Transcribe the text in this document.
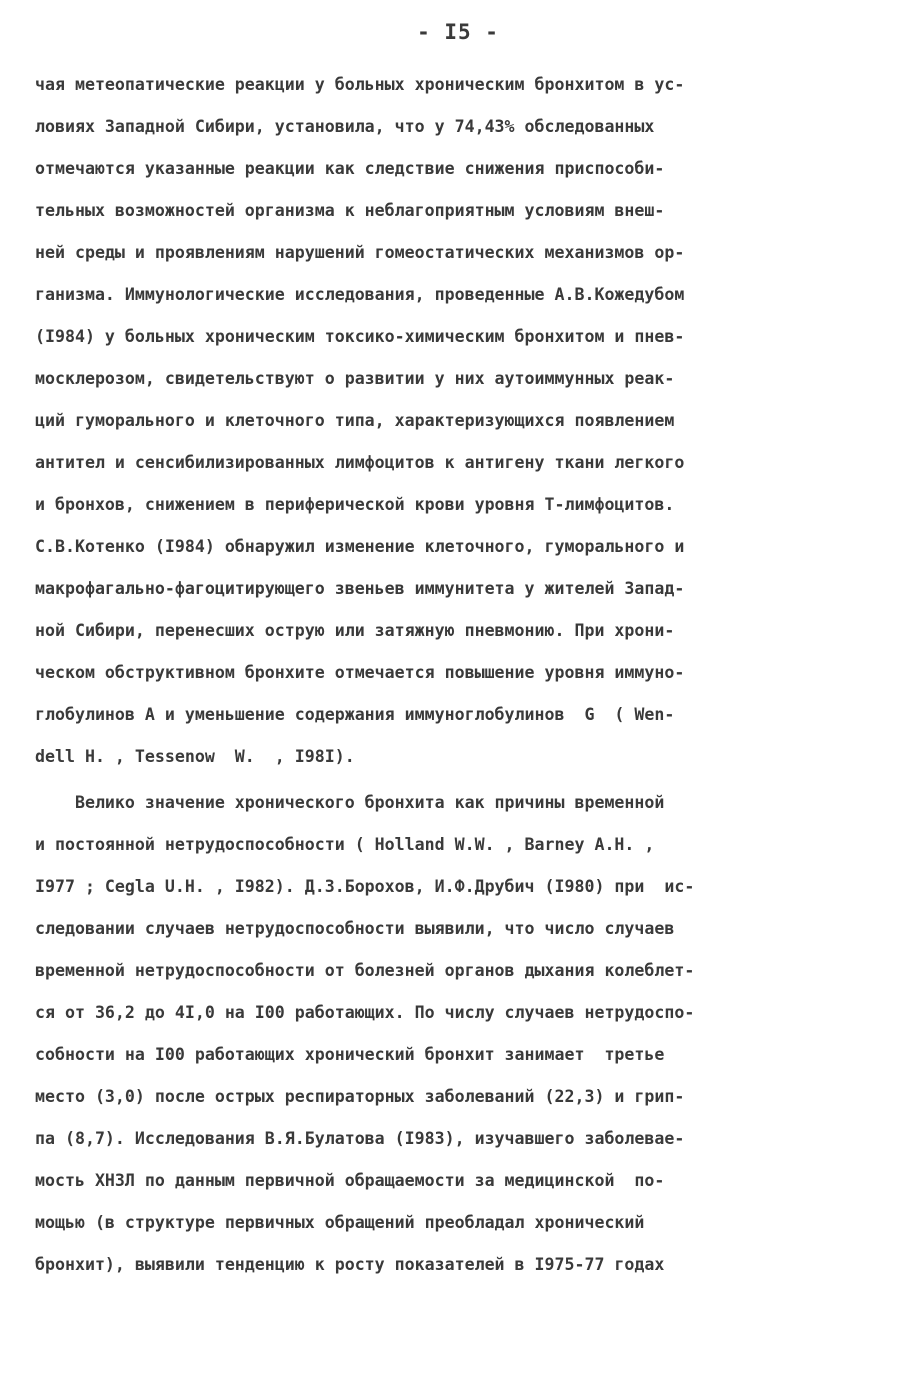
- I5 -
чая метеопатические реакции у больных хроническим бронхитом в ус-
ловиях Западной Сибири, установила, что у 74,43% обследованных
отмечаются указанные реакции как следствие снижения приспособи-
тельных возможностей организма к неблагоприятным условиям внеш-
ней среды и проявлениям нарушений гомеостатических механизмов ор-
ганизма. Иммунологические исследования, проведенные А.В.Кожедубом
(I984) у больных хроническим токсико-химическим бронхитом и пнев-
москлерозом, свидетельствуют о развитии у них аутоиммунных реак-
ций гуморального и клеточного типа, характеризующихся появлением
антител и сенсибилизированных лимфоцитов к антигену ткани легкого
и бронхов, снижением в периферической крови уровня Т-лимфоцитов.
С.В.Котенко (I984) обнаружил изменение клеточного, гуморального и
макрофагально-фагоцитирующего звеньев иммунитета у жителей Запад-
ной Сибири, перенесших острую или затяжную пневмонию. При хрони-
ческом обструктивном бронхите отмечается повышение уровня иммуно-
глобулинов А и уменьшение содержания иммуноглобулинов  G  ( Wen-
dell H. , Tessenow  W.  , I98I).
Велико значение хронического бронхита как причины временной
и постоянной нетрудоспособности ( Holland W.W. , Barney A.H. ,
I977 ; Cegla U.H. , I982). Д.З.Борохов, И.Ф.Друбич (I980) при  ис-
следовании случаев нетрудоспособности выявили, что число случаев
временной нетрудоспособности от болезней органов дыхания колеблет-
ся от 36,2 до 4I,0 на I00 работающих. По числу случаев нетрудоспо-
собности на I00 работающих хронический бронхит занимает  третье
место (3,0) после острых респираторных заболеваний (22,3) и грип-
па (8,7). Исследования В.Я.Булатова (I983), изучавшего заболевае-
мость ХНЗЛ по данным первичной обращаемости за медицинской  по-
мощью (в структуре первичных обращений преобладал хронический
бронхит), выявили тенденцию к росту показателей в I975-77 годах
